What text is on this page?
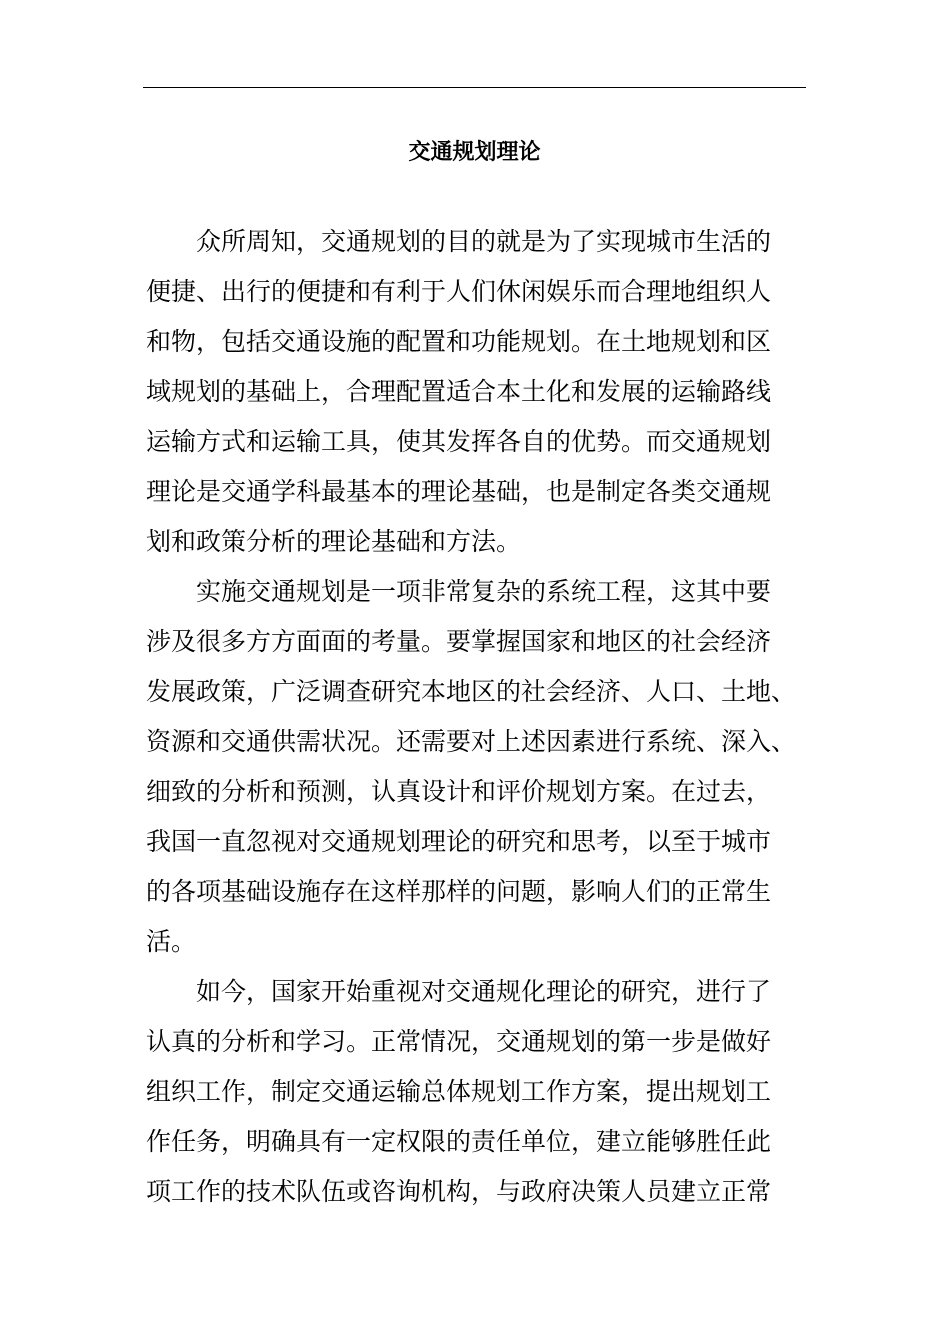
交通规划理论

众所周知，交通规划的目的就是为了实现城市生活的

便捷、出行的便捷和有利于人们休闲娱乐而合理地组织人

和物，包括交通设施的配置和功能规划。在土地规划和区

域规划的基础上，合理配置适合本土化和发展的运输路线

运输方式和运输工具，使其发挥各自的优势。而交通规划

理论是交通学科最基本的理论基础，也是制定各类交通规

划和政策分析的理论基础和方法。

实施交通规划是一项非常复杂的系统工程，这其中要

涉及很多方方面面的考量。要掌握国家和地区的社会经济

发展政策，广泛调查研究本地区的社会经济、人口、土地、

资源和交通供需状况。还需要对上述因素进行系统、深入、

细致的分析和预测，认真设计和评价规划方案。在过去，

我国一直忽视对交通规划理论的研究和思考，以至于城市

的各项基础设施存在这样那样的问题，影响人们的正常生

活。

如今，国家开始重视对交通规化理论的研究，进行了

认真的分析和学习。正常情况，交通规划的第一步是做好

组织工作，制定交通运输总体规划工作方案，提出规划工

作任务，明确具有一定权限的责任单位，建立能够胜任此

项工作的技术队伍或咨询机构，与政府决策人员建立正常
